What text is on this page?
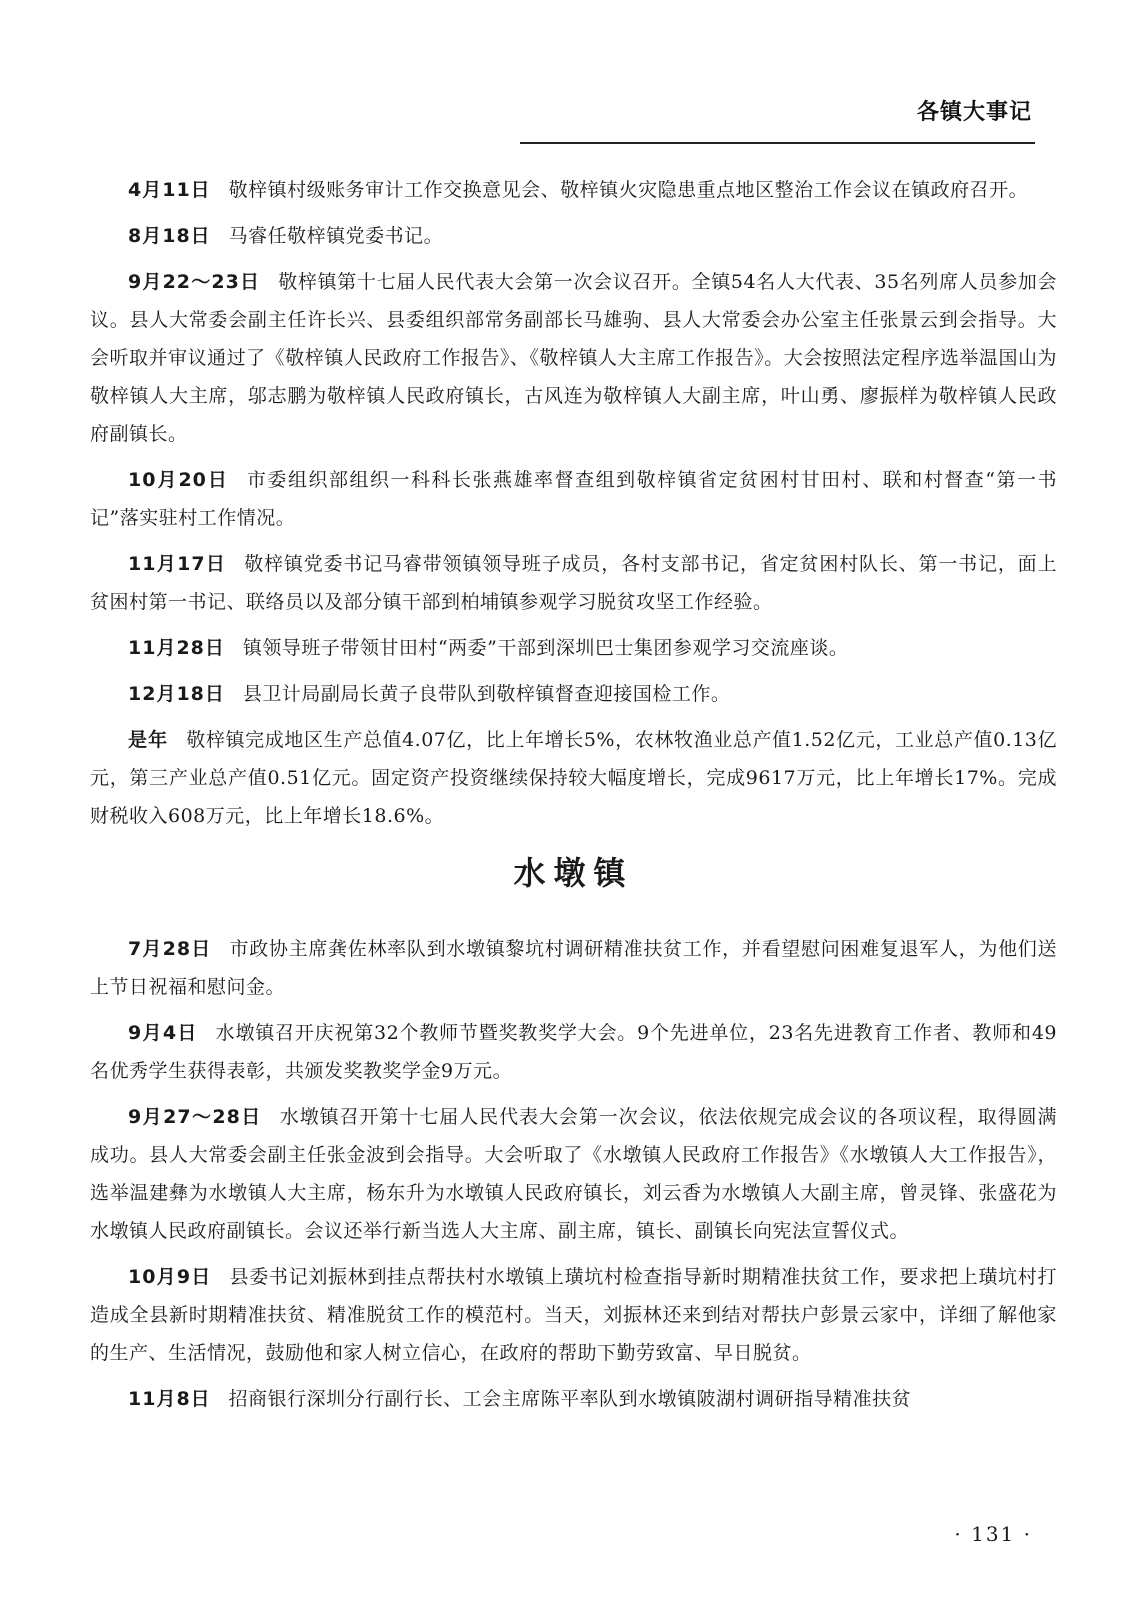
各镇大事记

4月11日 敬梓镇村级账务审计工作交换意见会、敬梓镇火灾隐患重点地区整治工作会议在镇政府召开。

8月18日 马睿任敬梓镇党委书记。

9月22～23日 敬梓镇第十七届人民代表大会第一次会议召开。全镇54名人大代表、35名列席人员参加会议。县人大常委会副主任许长兴、县委组织部常务副部长马雄驹、县人大常委会办公室主任张景云到会指导。大会听取并审议通过了《敬梓镇人民政府工作报告》、《敬梓镇人大主席工作报告》。大会按照法定程序选举温国山为敬梓镇人大主席，邬志鹏为敬梓镇人民政府镇长，古风连为敬梓镇人大副主席，叶山勇、廖振样为敬梓镇人民政府副镇长。

10月20日 市委组织部组织一科科长张燕雄率督查组到敬梓镇省定贫困村甘田村、联和村督查“第一书记”落实驻村工作情况。

11月17日 敬梓镇党委书记马睿带领镇领导班子成员，各村支部书记，省定贫困村队长、第一书记，面上贫困村第一书记、联络员以及部分镇干部到柏埔镇参观学习脱贫攻坚工作经验。

11月28日 镇领导班子带领甘田村“两委”干部到深圳巴士集团参观学习交流座谈。

12月18日 县卫计局副局长黄子良带队到敬梓镇督查迎接国检工作。

是年 敬梓镇完成地区生产总值4.07亿，比上年增长5%，农林牧渔业总产值1.52亿元，工业总产值0.13亿元，第三产业总产值0.51亿元。固定资产投资继续保持较大幅度增长，完成9617万元，比上年增长17%。完成财税收入608万元，比上年增长18.6%。

水墩镇

7月28日 市政协主席龚佐林率队到水墩镇黎坑村调研精准扶贫工作，并看望慰问困难复退军人，为他们送上节日祝福和慰问金。

9月4日 水墩镇召开庆祝第32个教师节暨奖教奖学大会。9个先进单位，23名先进教育工作者、教师和49名优秀学生获得表彰，共颁发奖教奖学金9万元。

9月27～28日 水墩镇召开第十七届人民代表大会第一次会议，依法依规完成会议的各项议程，取得圆满成功。县人大常委会副主任张金波到会指导。大会听取了《水墩镇人民政府工作报告》《水墩镇人大工作报告》，选举温建彝为水墩镇人大主席，杨东升为水墩镇人民政府镇长，刘云香为水墩镇人大副主席，曾灵锋、张盛花为水墩镇人民政府副镇长。会议还举行新当选人大主席、副主席，镇长、副镇长向宪法宣誓仪式。

10月9日 县委书记刘振林到挂点帮扶村水墩镇上璜坑村检查指导新时期精准扶贫工作，要求把上璜坑村打造成全县新时期精准扶贫、精准脱贫工作的模范村。当天，刘振林还来到结对帮扶户彭景云家中，详细了解他家的生产、生活情况，鼓励他和家人树立信心，在政府的帮助下勤劳致富、早日脱贫。

11月8日 招商银行深圳分行副行长、工会主席陈平率队到水墩镇陂湖村调研指导精准扶贫

· 131 ·
